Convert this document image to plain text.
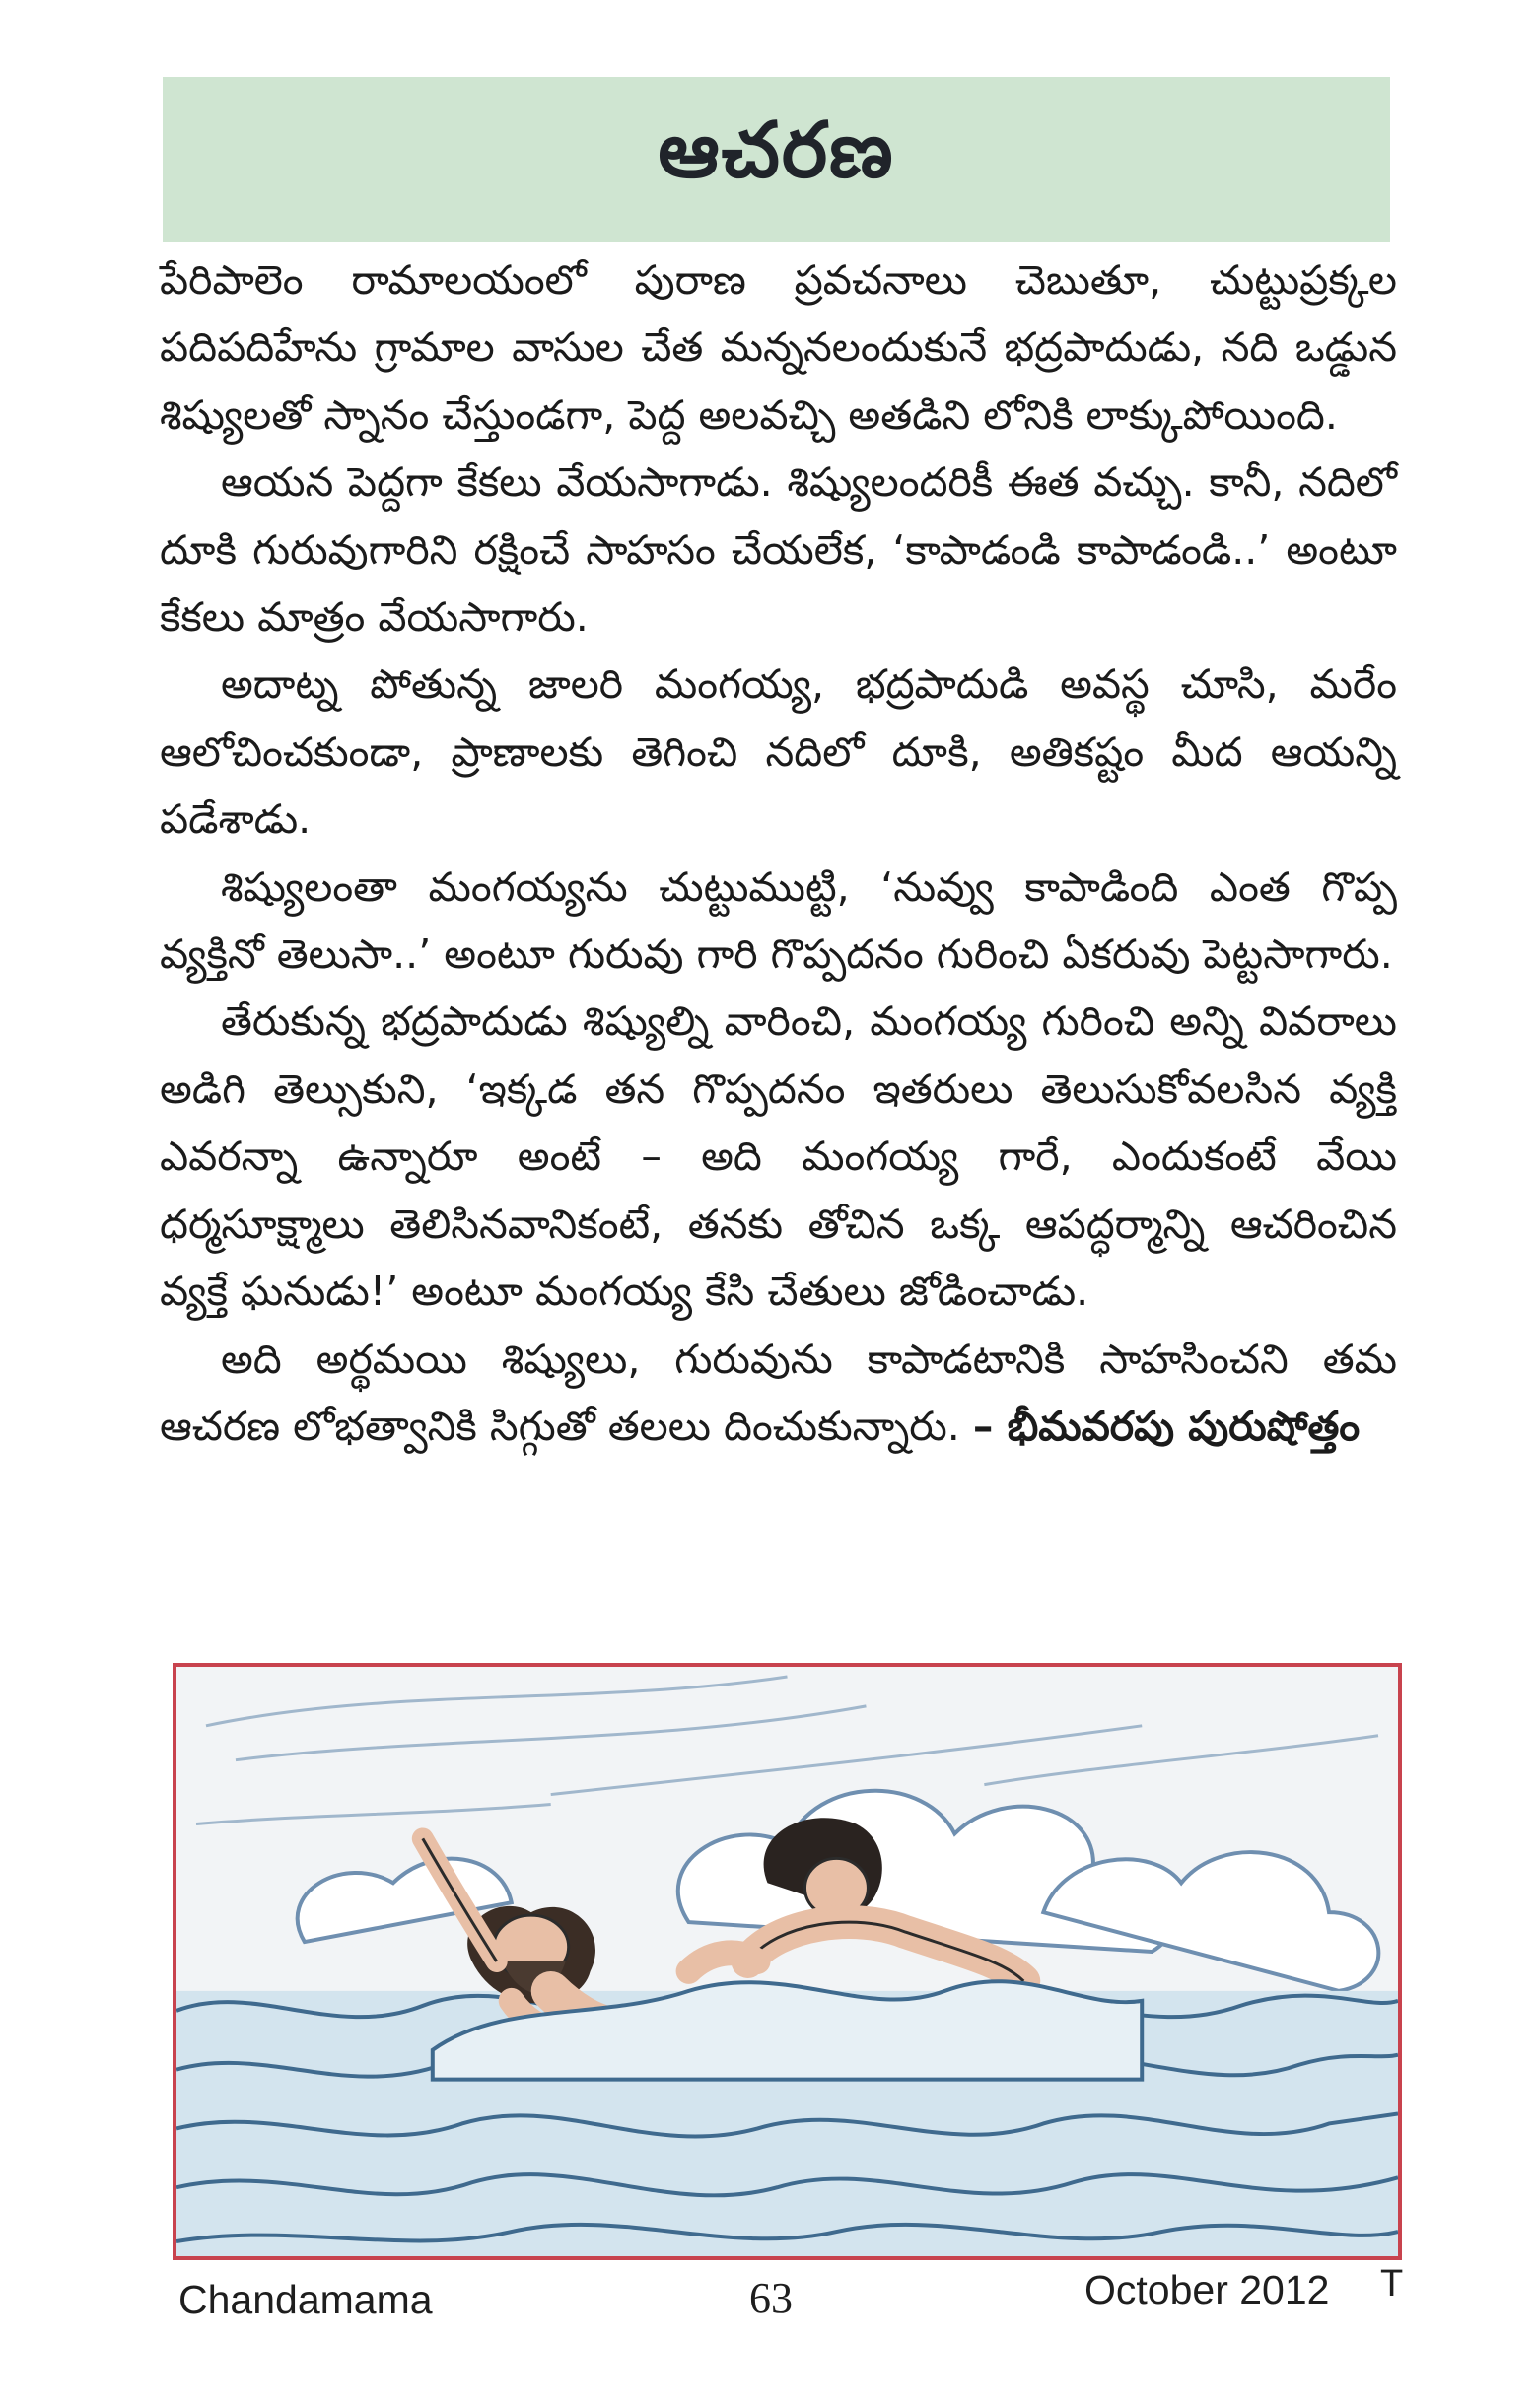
ఆచరణ

పేరిపాలెం రామాలయంలో పురాణ ప్రవచనాలు చెబుతూ, చుట్టుప్రక్కల పదిపదిహేను గ్రామాల వాసుల చేత మన్ననలందుకునే భద్రపాదుడు, నది ఒడ్డున శిష్యులతో స్నానం చేస్తుండగా, పెద్ద అలవచ్చి అతడిని లోనికి లాక్కుపోయింది.

ఆయన పెద్దగా కేకలు వేయసాగాడు. శిష్యులందరికీ ఈత వచ్చు. కానీ, నదిలో దూకి గురువుగారిని రక్షించే సాహసం చేయలేక, ‘కాపాడండి కాపాడండి..’ అంటూ కేకలు మాత్రం వేయసాగారు.

అదాట్న పోతున్న జాలరి మంగయ్య, భద్రపాదుడి అవస్థ చూసి, మరేం ఆలోచించకుండా, ప్రాణాలకు తెగించి నదిలో దూకి, అతికష్టం మీద ఆయన్ని పడేశాడు.

శిష్యులంతా మంగయ్యను చుట్టుముట్టి, ‘నువ్వు కాపాడింది ఎంత గొప్ప వ్యక్తినో తెలుసా..’ అంటూ గురువు గారి గొప్పదనం గురించి ఏకరువు పెట్టసాగారు.

తేరుకున్న భద్రపాదుడు శిష్యుల్ని వారించి, మంగయ్య గురించి అన్ని వివరాలు అడిగి తెల్సుకుని, ‘ఇక్కడ తన గొప్పదనం ఇతరులు తెలుసుకోవలసిన వ్యక్తి ఎవరన్నా ఉన్నారూ అంటే – అది మంగయ్య గారే, ఎందుకంటే వేయి ధర్మసూక్ష్మాలు తెలిసినవానికంటే, తనకు తోచిన ఒక్క ఆపద్ధర్మాన్ని ఆచరించిన వ్యక్తే ఘనుడు!’ అంటూ మంగయ్య కేసి చేతులు జోడించాడు.

అది అర్థమయి శిష్యులు, గురువును కాపాడటానికి సాహసించని తమ ఆచరణ లోభత్వానికి సిగ్గుతో తలలు దించుకున్నారు. – భీమవరపు పురుషోత్తం

Chandamama	63	October 2012 T
